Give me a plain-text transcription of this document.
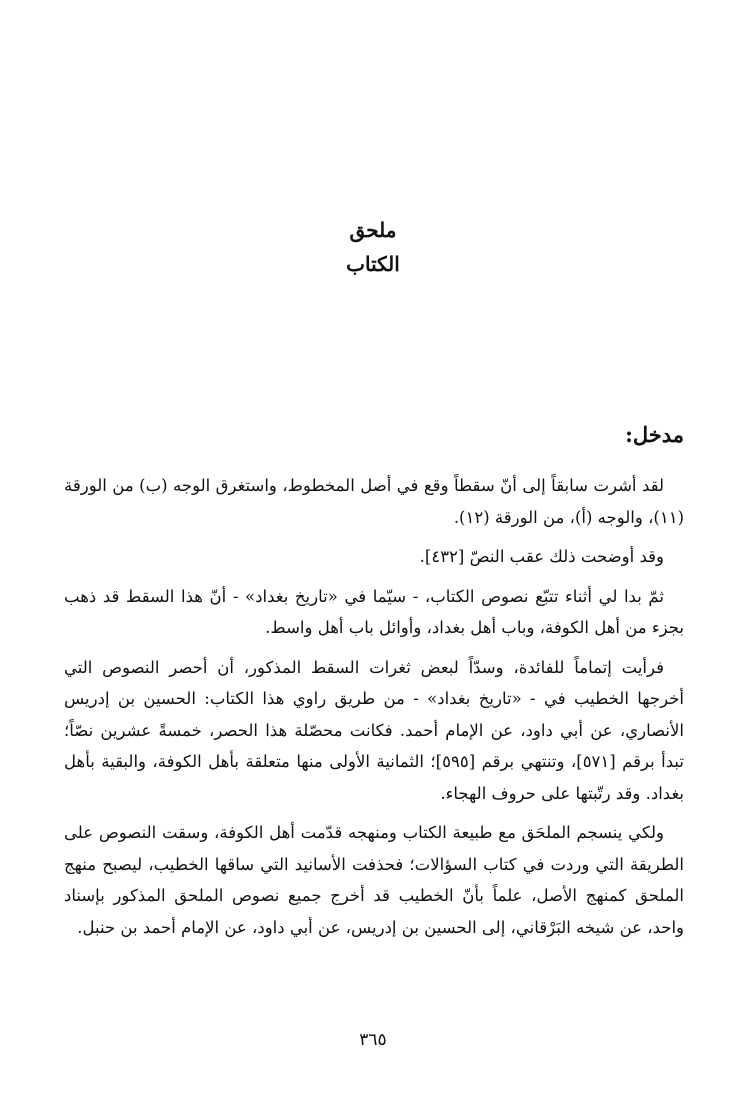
ملحق
الكتاب
مدخل:

لقد أشرت سابقاً إلى أنّ سقطاً وقع في أصل المخطوط، واستغرق الوجه (ب) من الورقة (١١)، والوجه (أ)، من الورقة (١٢).

وقد أوضحت ذلك عقب النصّ [٤٣٢].

ثمّ بدا لي أثناء تتبّع نصوص الكتاب، - سيّما في «تاريخ بغداد» - أنّ هذا السقط قد ذهب بجزء من أهل الكوفة، وباب أهل بغداد، وأوائل باب أهل واسط.

فرأيت إتماماً للفائدة، وسدّاً لبعض ثغرات السقط المذكور، أن أحصر النصوص التي أخرجها الخطيب في - «تاريخ بغداد» - من طريق راوي هذا الكتاب: الحسين بن إدريس الأنصاري، عن أبي داود، عن الإمام أحمد. فكانت محصّلة هذا الحصر، خمسةً عشرين نصّاً؛ تبدأ برقم [٥٧١]، وتنتهي برقم [٥٩٥]؛ الثمانية الأولى منها متعلقة بأهل الكوفة، والبقية بأهل بغداد. وقد رتّبتها على حروف الهجاء.

ولكي ينسجم الملحَق مع طبيعة الكتاب ومنهجه قدّمت أهل الكوفة، وسقت النصوص على الطريقة التي وردت في كتاب السؤالات؛ فحذفت الأسانيد التي ساقها الخطيب، ليصبح منهج الملحق كمنهج الأصل، علماً بأنّ الخطيب قد أخرج جميع نصوص الملحق المذكور بإسناد واحد، عن شيخه البَرْقاني، إلى الحسين بن إدريس، عن أبي داود، عن الإمام أحمد بن حنبل.

٣٦٥
